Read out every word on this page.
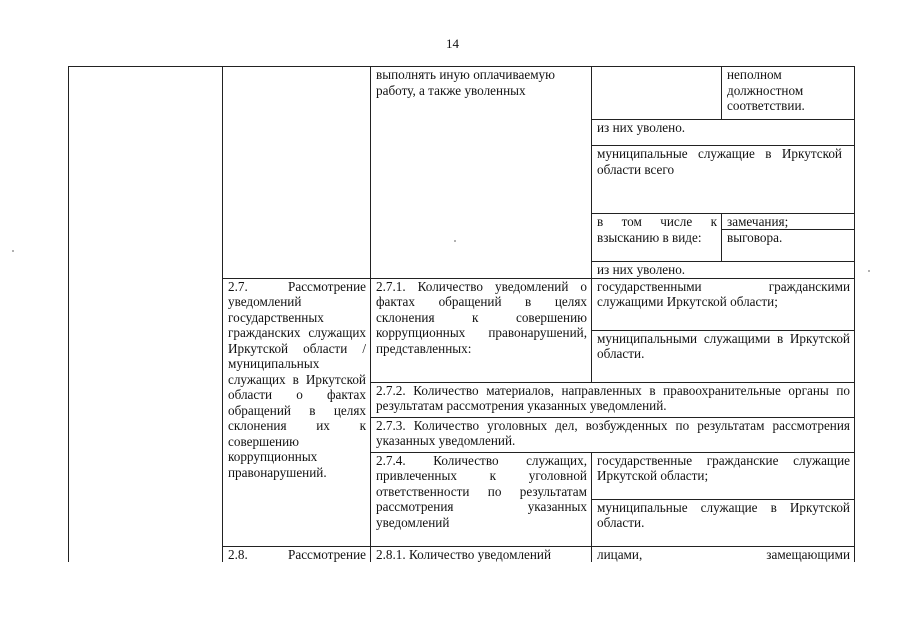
14

		выполнять иную оплачиваемую работу, а также уволенных		неполном должностном соответствии.

			из них уволено.	

			муниципальные служащие в Иркутской области всего	

			в том числе к взысканию в виде:	замечания;
выговора.

			из них уволено.	

	2.7. Рассмотрение уведомлений государственных гражданских служащих Иркутской области / муниципальных служащих в Иркутской области о фактах обращений в целях склонения их к совершению коррупционных правонарушений.	2.7.1. Количество уведомлений о фактах обращений в целях склонения к совершению коррупционных правонарушений, представленных:	государственными гражданскими служащими Иркутской области;	

			муниципальными служащими в Иркутской области.	

		2.7.2. Количество материалов, направленных в правоохранительные органы по результатам рассмотрения указанных уведомлений.		

		2.7.3. Количество уголовных дел, возбужденных по результатам рассмотрения указанных уведомлений.		

		2.7.4. Количество служащих, привлеченных к уголовной ответственности по результатам рассмотрения указанных уведомлений	государственные гражданские служащие Иркутской области;	

			муниципальные служащие в Иркутской области.	

	2.8. Рассмотрение	2.8.1. Количество уведомлений	лицами, замещающими	
